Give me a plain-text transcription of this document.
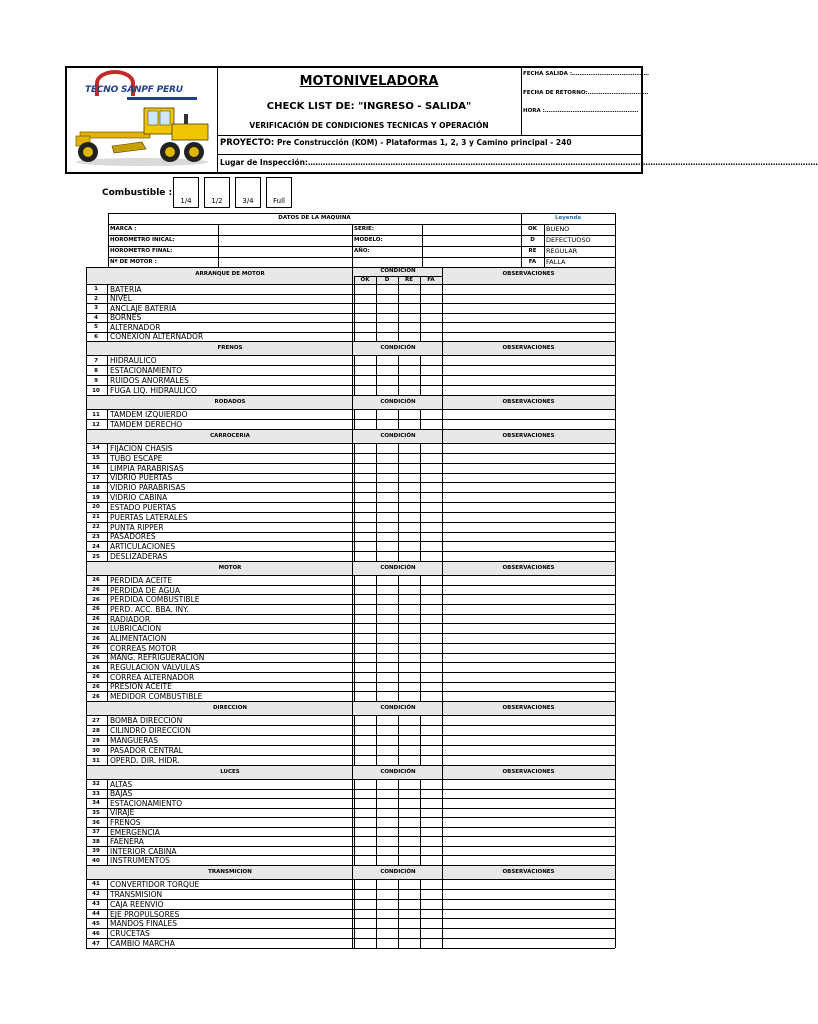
TECNO SANPF PERU
MOTONIVELADORA
CHECK LIST DE: "INGRESO - SALIDA"
VERIFICACIÓN DE CONDICIONES TECNICAS Y OPERACIÓN
FECHA SALIDA :……………………………………
FECHA DE RETORNO:……………………………
HORA :……………………………………………
PROYECTO: Pre Construcción (KOM) - Plataformas 1, 2, 3 y Camino principal - 240
Lugar de Inspección:……………………………………………………………………………………………………………………………………………………………………………………
Combustible :
1/4	1/2	3/4	Full
DATOS DE LA MAQUINA	Leyenda
MARCA :
HOROMETRO INICAL:
HOROMETRO FINAL:
Nº DE MOTOR :
SERIE:
MODELO:
AÑO:
OK	BUENO
D	DEFECTUOSO
RE	REGULAR
FA	FALLA
ARRANQUE DE MOTOR	CONDICION	OBSERVACIONES
OK	D	RE	FA
1	BATERIA
2	NIVEL
3	ANCLAJE BATERIA
4	BORNES
5	ALTERNADOR
6	CONEXION ALTERNADOR
FRENOS	CONDICIÓN	OBSERVACIONES
7	HIDRAULICO
8	ESTACIONAMIENTO
9	RUIDOS ANORMALES
10	FUGA LIQ. HIDRAULICO
RODADOS	CONDICIÓN	OBSERVACIONES
11	TAMDEM IZQUIERDO
12	TAMDEM DERECHO
CARROCERIA	CONDICIÓN	OBSERVACIONES
14	FIJACION CHASIS
15	TUBO ESCAPE
16	LIMPIA PARABRISAS
17	VIDRIO PUERTAS
18	VIDRIO PARABRISAS
19	VIDRIO CABINA
20	ESTADO PUERTAS
21	PUERTAS LATERALES
22	PUNTA RIPPER
23	PASADORES
24	ARTICULACIONES
25	DESLIZADERAS
MOTOR	CONDICIÓN	OBSERVACIONES
26	PERDIDA ACEITE
26	PERDIDA DE AGUA
26	PERDIDA COMBUSTIBLE
26	PERD. ACC. BBA. INY.
26	RADIADOR
26	LUBRICACION
26	ALIMENTACION
26	CORREAS MOTOR
26	MANG. REFRIGUERACION
26	REGULACION VALVULAS
26	CORREA ALTERNADOR
26	PRESION ACEITE
26	MEDIDOR COMBUSTIBLE
DIRECCION	CONDICIÓN	OBSERVACIONES
27	BOMBA DIRECCION
28	CILINDRO DIRECCION
29	MANGUERAS
30	PASADOR CENTRAL
31	OPERD. DIR. HIDR.
LUCES	CONDICIÓN	OBSERVACIONES
32	ALTAS
33	BAJAS
34	ESTACIONAMIENTO
35	VIRAJE
36	FRENOS
37	EMERGENCIA
38	FAENERA
39	INTERIOR CABINA
40	INSTRUMENTOS
TRANSMICION	CONDICIÓN	OBSERVACIONES
41	CONVERTIDOR TORQUE
42	TRANSMISION
43	CAJA REENVIO
44	EJE PROPULSORES
45	MANDOS FINALES
46	CRUCETAS
47	CAMBIO MARCHA
